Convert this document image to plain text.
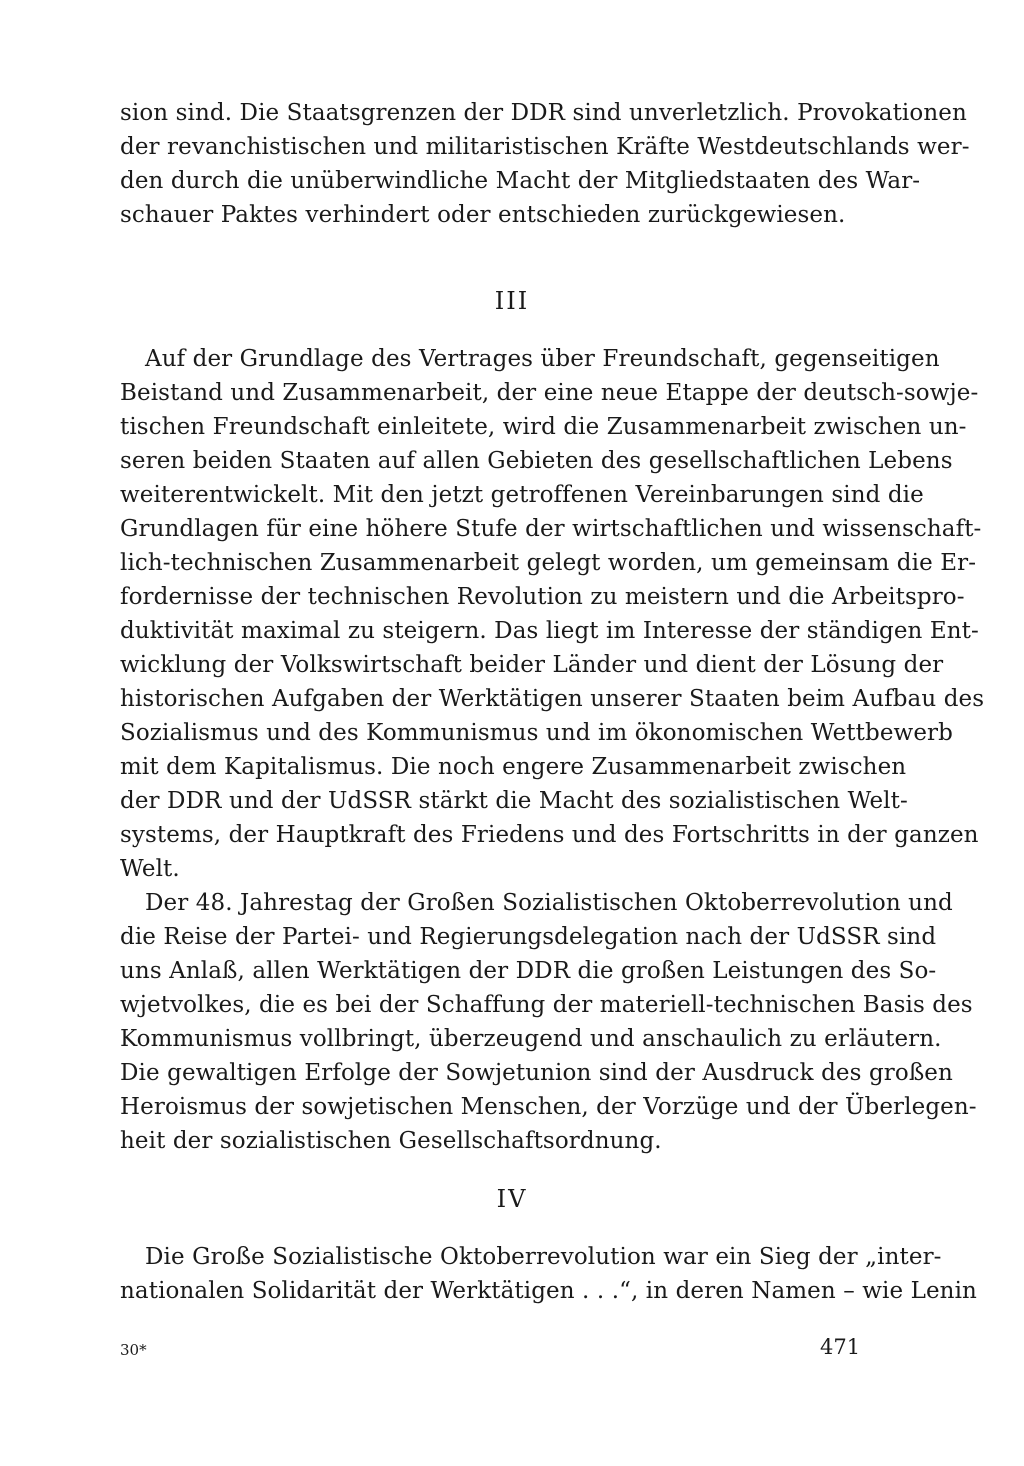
sion sind. Die Staatsgrenzen der DDR sind unverletzlich. Provokationen
der revanchistischen und militaristischen Kräfte Westdeutschlands wer-
den durch die unüberwindliche Macht der Mitgliedstaaten des War-
schauer Paktes verhindert oder entschieden zurückgewiesen.
III
Auf der Grundlage des Vertrages über Freundschaft, gegenseitigen
Beistand und Zusammenarbeit, der eine neue Etappe der deutsch-sowje-
tischen Freundschaft einleitete, wird die Zusammenarbeit zwischen un-
seren beiden Staaten auf allen Gebieten des gesellschaftlichen Lebens
weiterentwickelt. Mit den jetzt getroffenen Vereinbarungen sind die
Grundlagen für eine höhere Stufe der wirtschaftlichen und wissenschaft-
lich-technischen Zusammenarbeit gelegt worden, um gemeinsam die Er-
fordernisse der technischen Revolution zu meistern und die Arbeitspro-
duktivität maximal zu steigern. Das liegt im Interesse der ständigen Ent-
wicklung der Volkswirtschaft beider Länder und dient der Lösung der
historischen Aufgaben der Werktätigen unserer Staaten beim Aufbau des
Sozialismus und des Kommunismus und im ökonomischen Wettbewerb
mit dem Kapitalismus. Die noch engere Zusammenarbeit zwischen
der DDR und der UdSSR stärkt die Macht des sozialistischen Welt-
systems, der Hauptkraft des Friedens und des Fortschritts in der ganzen
Welt.
Der 48. Jahrestag der Großen Sozialistischen Oktoberrevolution und
die Reise der Partei- und Regierungsdelegation nach der UdSSR sind
uns Anlaß, allen Werktätigen der DDR die großen Leistungen des So-
wjetvolkes, die es bei der Schaffung der materiell-technischen Basis des
Kommunismus vollbringt, überzeugend und anschaulich zu erläutern.
Die gewaltigen Erfolge der Sowjetunion sind der Ausdruck des großen
Heroismus der sowjetischen Menschen, der Vorzüge und der Überlegen-
heit der sozialistischen Gesellschaftsordnung.
IV
Die Große Sozialistische Oktoberrevolution war ein Sieg der „inter-
nationalen Solidarität der Werktätigen . . .“, in deren Namen – wie Lenin
30*	471
